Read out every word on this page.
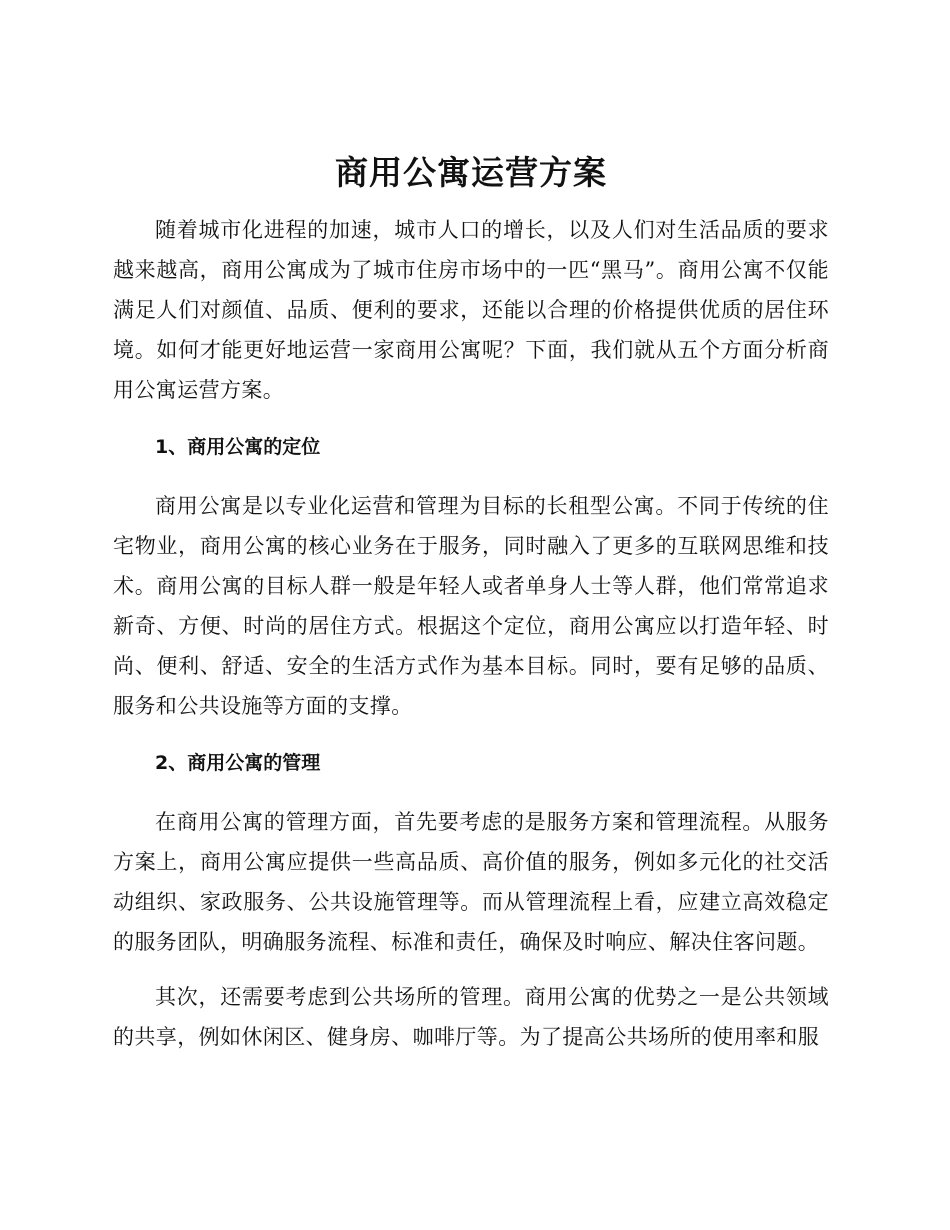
商用公寓运营方案

随着城市化进程的加速，城市人口的增长，以及人们对生活品质的要求越来越高，商用公寓成为了城市住房市场中的一匹“黑马”。商用公寓不仅能满足人们对颜值、品质、便利的要求，还能以合理的价格提供优质的居住环境。如何才能更好地运营一家商用公寓呢？下面，我们就从五个方面分析商用公寓运营方案。

1、商用公寓的定位

商用公寓是以专业化运营和管理为目标的长租型公寓。不同于传统的住宅物业，商用公寓的核心业务在于服务，同时融入了更多的互联网思维和技术。商用公寓的目标人群一般是年轻人或者单身人士等人群，他们常常追求新奇、方便、时尚的居住方式。根据这个定位，商用公寓应以打造年轻、时尚、便利、舒适、安全的生活方式作为基本目标。同时，要有足够的品质、服务和公共设施等方面的支撑。

2、商用公寓的管理

在商用公寓的管理方面，首先要考虑的是服务方案和管理流程。从服务方案上，商用公寓应提供一些高品质、高价值的服务，例如多元化的社交活动组织、家政服务、公共设施管理等。而从管理流程上看，应建立高效稳定的服务团队，明确服务流程、标准和责任，确保及时响应、解决住客问题。

其次，还需要考虑到公共场所的管理。商用公寓的优势之一是公共领域的共享，例如休闲区、健身房、咖啡厅等。为了提高公共场所的使用率和服
